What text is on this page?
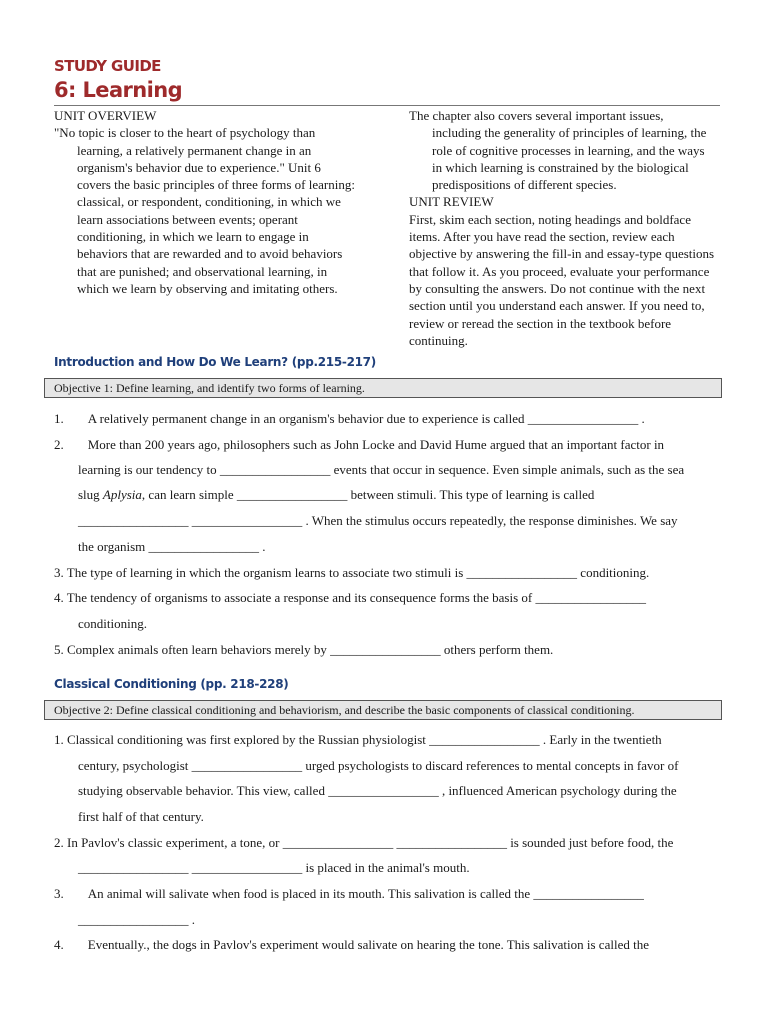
STUDY GUIDE
6: Learning

UNIT OVERVIEW

"No topic is closer to the heart of psychology than

learning, a relatively permanent change in an

organism's behavior due to experience." Unit 6

covers the basic principles of three forms of learning:

classical, or respondent, conditioning, in which we

learn associations between events; operant

conditioning, in which we learn to engage in

behaviors that are rewarded and to avoid behaviors

that are punished; and observational learning, in

which we learn by observing and imitating others.

The chapter also covers several important issues,

including the generality of principles of learning, the

role of cognitive processes in learning, and the ways

in which learning is constrained by the biological

predispositions of different species.

UNIT REVIEW

First, skim each section, noting headings and boldface

items. After you have read the section, review each

objective by answering the fill-in and essay-type questions

that follow it. As you proceed, evaluate your performance

by consulting the answers. Do not continue with the next

section until you understand each answer. If you need to,

review or reread the section in the textbook before

continuing.

Introduction and How Do We Learn? (pp.215-217)
Objective 1: Define learning, and identify two forms of learning.
1. A relatively permanent change in an organism's behavior due to experience is called _________________ .
2. More than 200 years ago, philosophers such as John Locke and David Hume argued that an important factor in
learning is our tendency to _________________ events that occur in sequence. Even simple animals, such as the sea
slug Aplysia, can learn simple _________________ between stimuli. This type of learning is called
_________________ _________________ . When the stimulus occurs repeatedly, the response diminishes. We say
the organism _________________ .
3. The type of learning in which the organism learns to associate two stimuli is _________________ conditioning.
4. The tendency of organisms to associate a response and its consequence forms the basis of _________________
conditioning.
5. Complex animals often learn behaviors merely by _________________ others perform them.
Classical Conditioning (pp. 218-228)
Objective 2: Define classical conditioning and behaviorism, and describe the basic components of classical conditioning.
1. Classical conditioning was first explored by the Russian physiologist _________________ . Early in the twentieth
century, psychologist _________________ urged psychologists to discard references to mental concepts in favor of
studying observable behavior. This view, called _________________ , influenced American psychology during the
first half of that century.
2. In Pavlov's classic experiment, a tone, or _________________ _________________ is sounded just before food, the
_________________ _________________ is placed in the animal's mouth.
3. An animal will salivate when food is placed in its mouth. This salivation is called the _________________
_________________ .
4. Eventually., the dogs in Pavlov's experiment would salivate on hearing the tone. This salivation is called the
